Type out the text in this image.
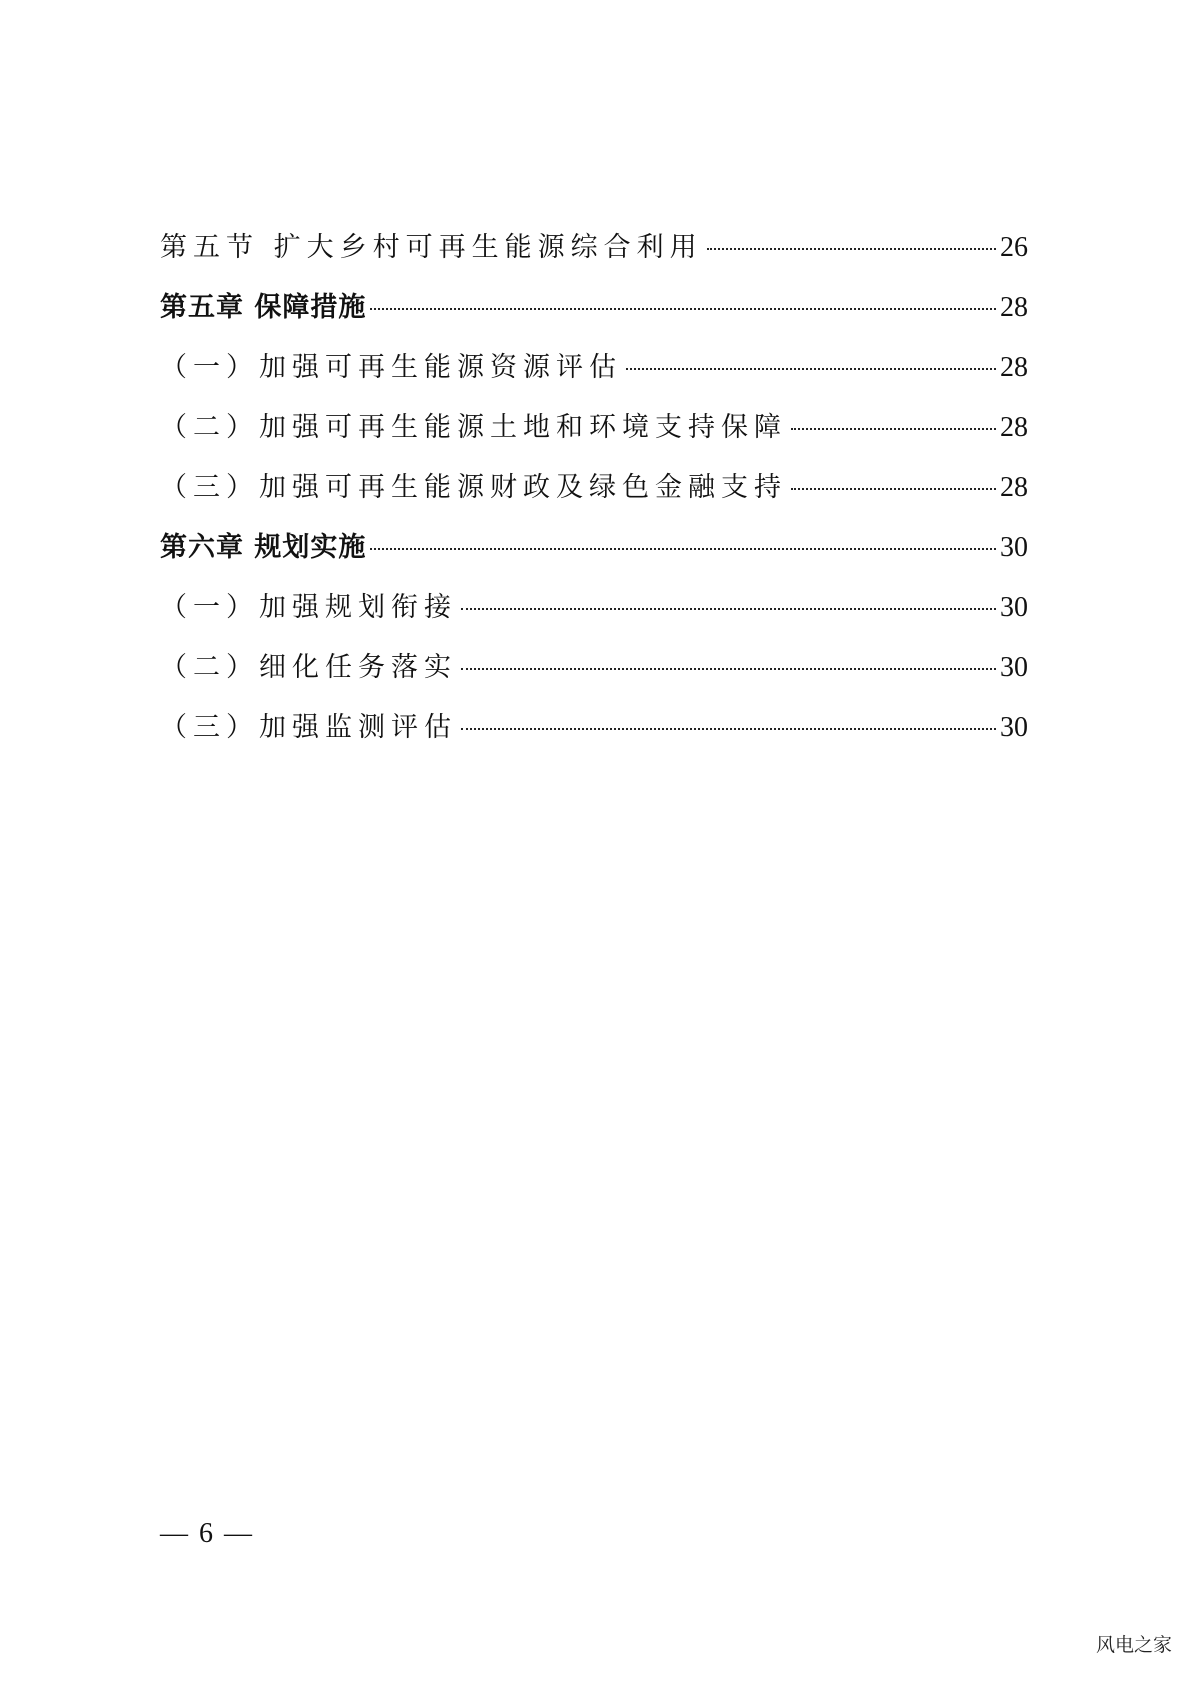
第五节 扩大乡村可再生能源综合利用	26
第五章 保障措施	28
（一）加强可再生能源资源评估	28
（二）加强可再生能源土地和环境支持保障	28
（三）加强可再生能源财政及绿色金融支持	28
第六章 规划实施	30
（一）加强规划衔接	30
（二）细化任务落实	30
（三）加强监测评估	30
— 6 —
风电之家
